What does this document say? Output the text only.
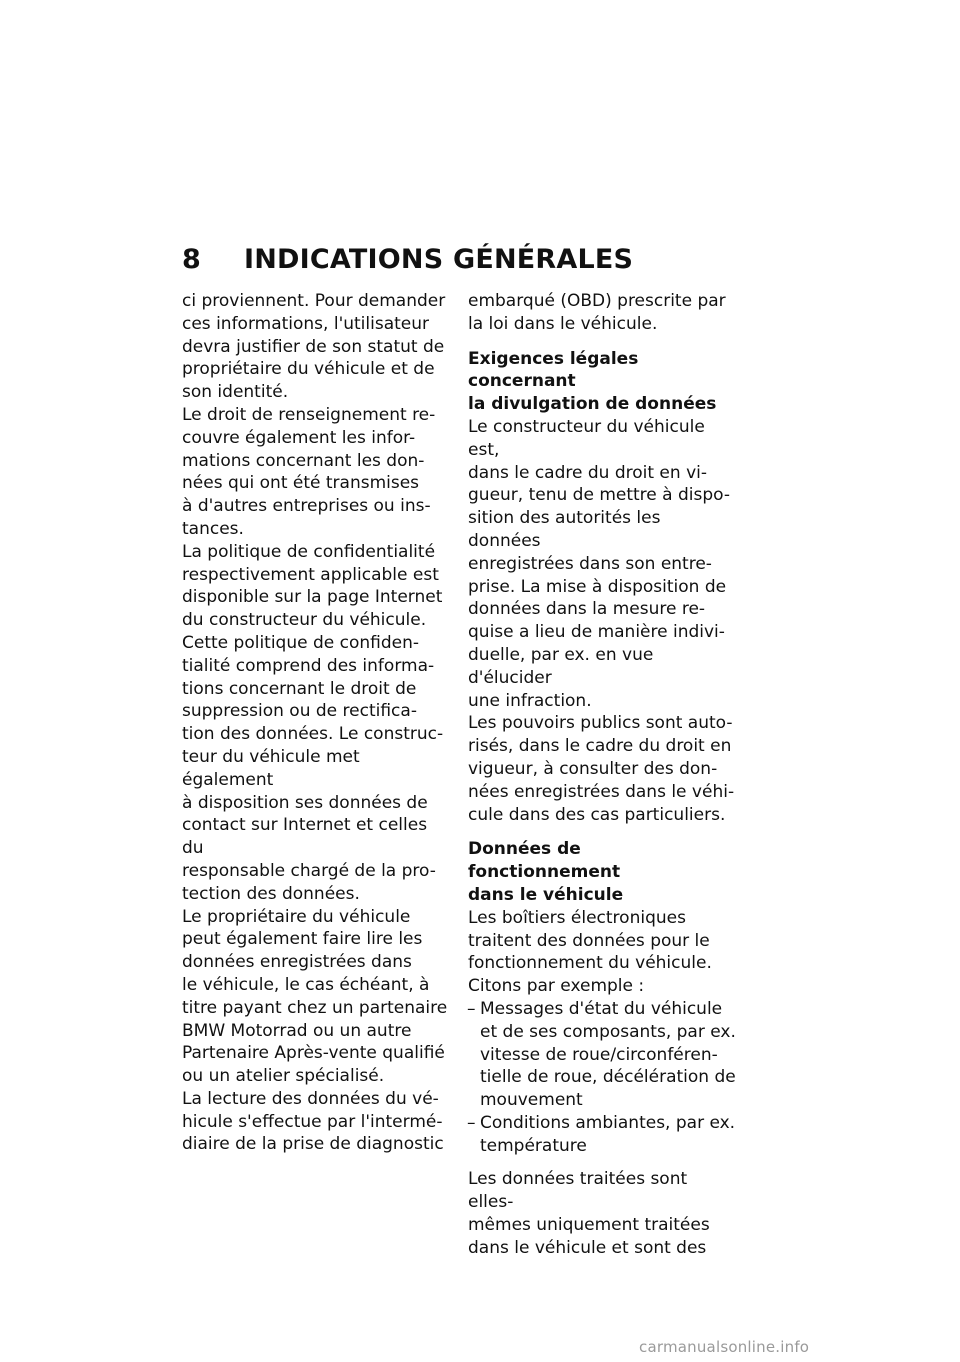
8	INDICATIONS GÉNÉRALES

ci proviennent. Pour demander
ces informations, l'utilisateur
devra justifier de son statut de
propriétaire du véhicule et de
son identité.

Le droit de renseignement re-
couvre également les infor-
mations concernant les don-
nées qui ont été transmises
à d'autres entreprises ou ins-
tances.

La politique de confidentialité
respectivement applicable est
disponible sur la page Internet
du constructeur du véhicule.
Cette politique de confiden-
tialité comprend des informa-
tions concernant le droit de
suppression ou de rectifica-
tion des données. Le construc-
teur du véhicule met également
à disposition ses données de
contact sur Internet et celles du
responsable chargé de la pro-
tection des données.

Le propriétaire du véhicule
peut également faire lire les
données enregistrées dans
le véhicule, le cas échéant, à
titre payant chez un partenaire
BMW Motorrad ou un autre
Partenaire Après-vente qualifié
ou un atelier spécialisé.

La lecture des données du vé-
hicule s'effectue par l'intermé-
diaire de la prise de diagnostic

embarqué (OBD) prescrite par
la loi dans le véhicule.

Exigences légales concernant
la divulgation de données

Le constructeur du véhicule est,
dans le cadre du droit en vi-
gueur, tenu de mettre à dispo-
sition des autorités les données
enregistrées dans son entre-
prise. La mise à disposition de
données dans la mesure re-
quise a lieu de manière indivi-
duelle, par ex. en vue d'élucider
une infraction.

Les pouvoirs publics sont auto-
risés, dans le cadre du droit en
vigueur, à consulter des don-
nées enregistrées dans le véhi-
cule dans des cas particuliers.

Données de fonctionnement
dans le véhicule

Les boîtiers électroniques
traitent des données pour le
fonctionnement du véhicule.

Citons par exemple :

– Messages d'état du véhicule
et de ses composants, par ex.
vitesse de roue/circonféren-
tielle de roue, décélération de
mouvement
– Conditions ambiantes, par ex.
température

Les données traitées sont elles-
mêmes uniquement traitées
dans le véhicule et sont des

carmanualsonline.info
